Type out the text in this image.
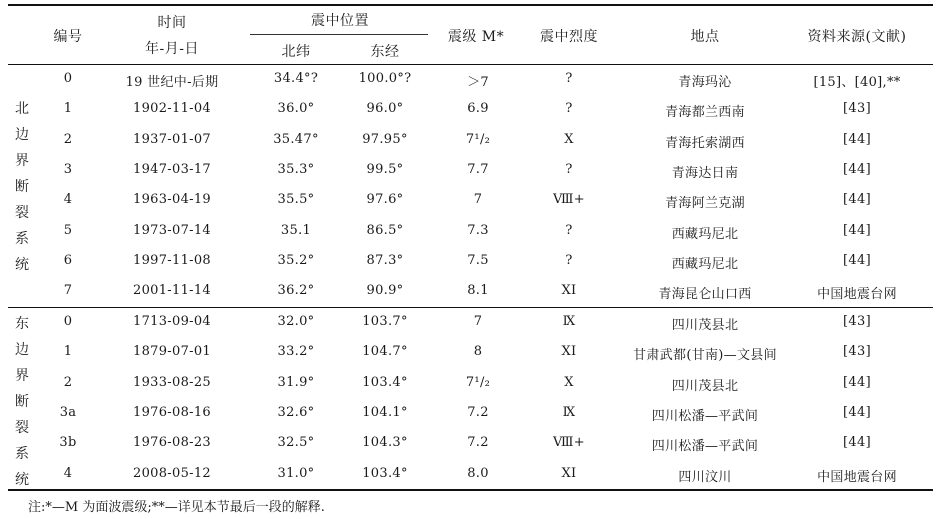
编号
时间
年-月-日
震中位置
北纬	东经
震级 M*	震中烈度	地点	资料来源(文献)
北
边
界
断
裂
系
统
东
边
界
断
裂
系
统
0	19 世纪中-后期	34.4°?	100.0°?	＞7	?	青海玛沁	[15]、[40],**
1	1902-11-04	36.0°	96.0°	6.9	?	青海都兰西南	[43]
2	1937-01-07	35.47°	97.95°	7¹/₂	X	青海托索湖西	[44]
3	1947-03-17	35.3°	99.5°	7.7	?	青海达日南	[44]
4	1963-04-19	35.5°	97.6°	7	Ⅷ+	青海阿兰克湖	[44]
5	1973-07-14	35.1	86.5°	7.3	?	西藏玛尼北	[44]
6	1997-11-08	35.2°	87.3°	7.5	?	西藏玛尼北	[44]
7	2001-11-14	36.2°	90.9°	8.1	XI	青海昆仑山口西	中国地震台网
0	1713-09-04	32.0°	103.7°	7	Ⅸ	四川茂县北	[43]
1	1879-07-01	33.2°	104.7°	8	XI	甘肃武都(甘南)—文县间	[43]
2	1933-08-25	31.9°	103.4°	7¹/₂	X	四川茂县北	[44]
3a	1976-08-16	32.6°	104.1°	7.2	Ⅸ	四川松潘—平武间	[44]
3b	1976-08-23	32.5°	104.3°	7.2	Ⅷ+	四川松潘—平武间	[44]
4	2008-05-12	31.0°	103.4°	8.0	XI	四川汶川	中国地震台网
注:*—M 为面波震级;**—详见本节最后一段的解释.
